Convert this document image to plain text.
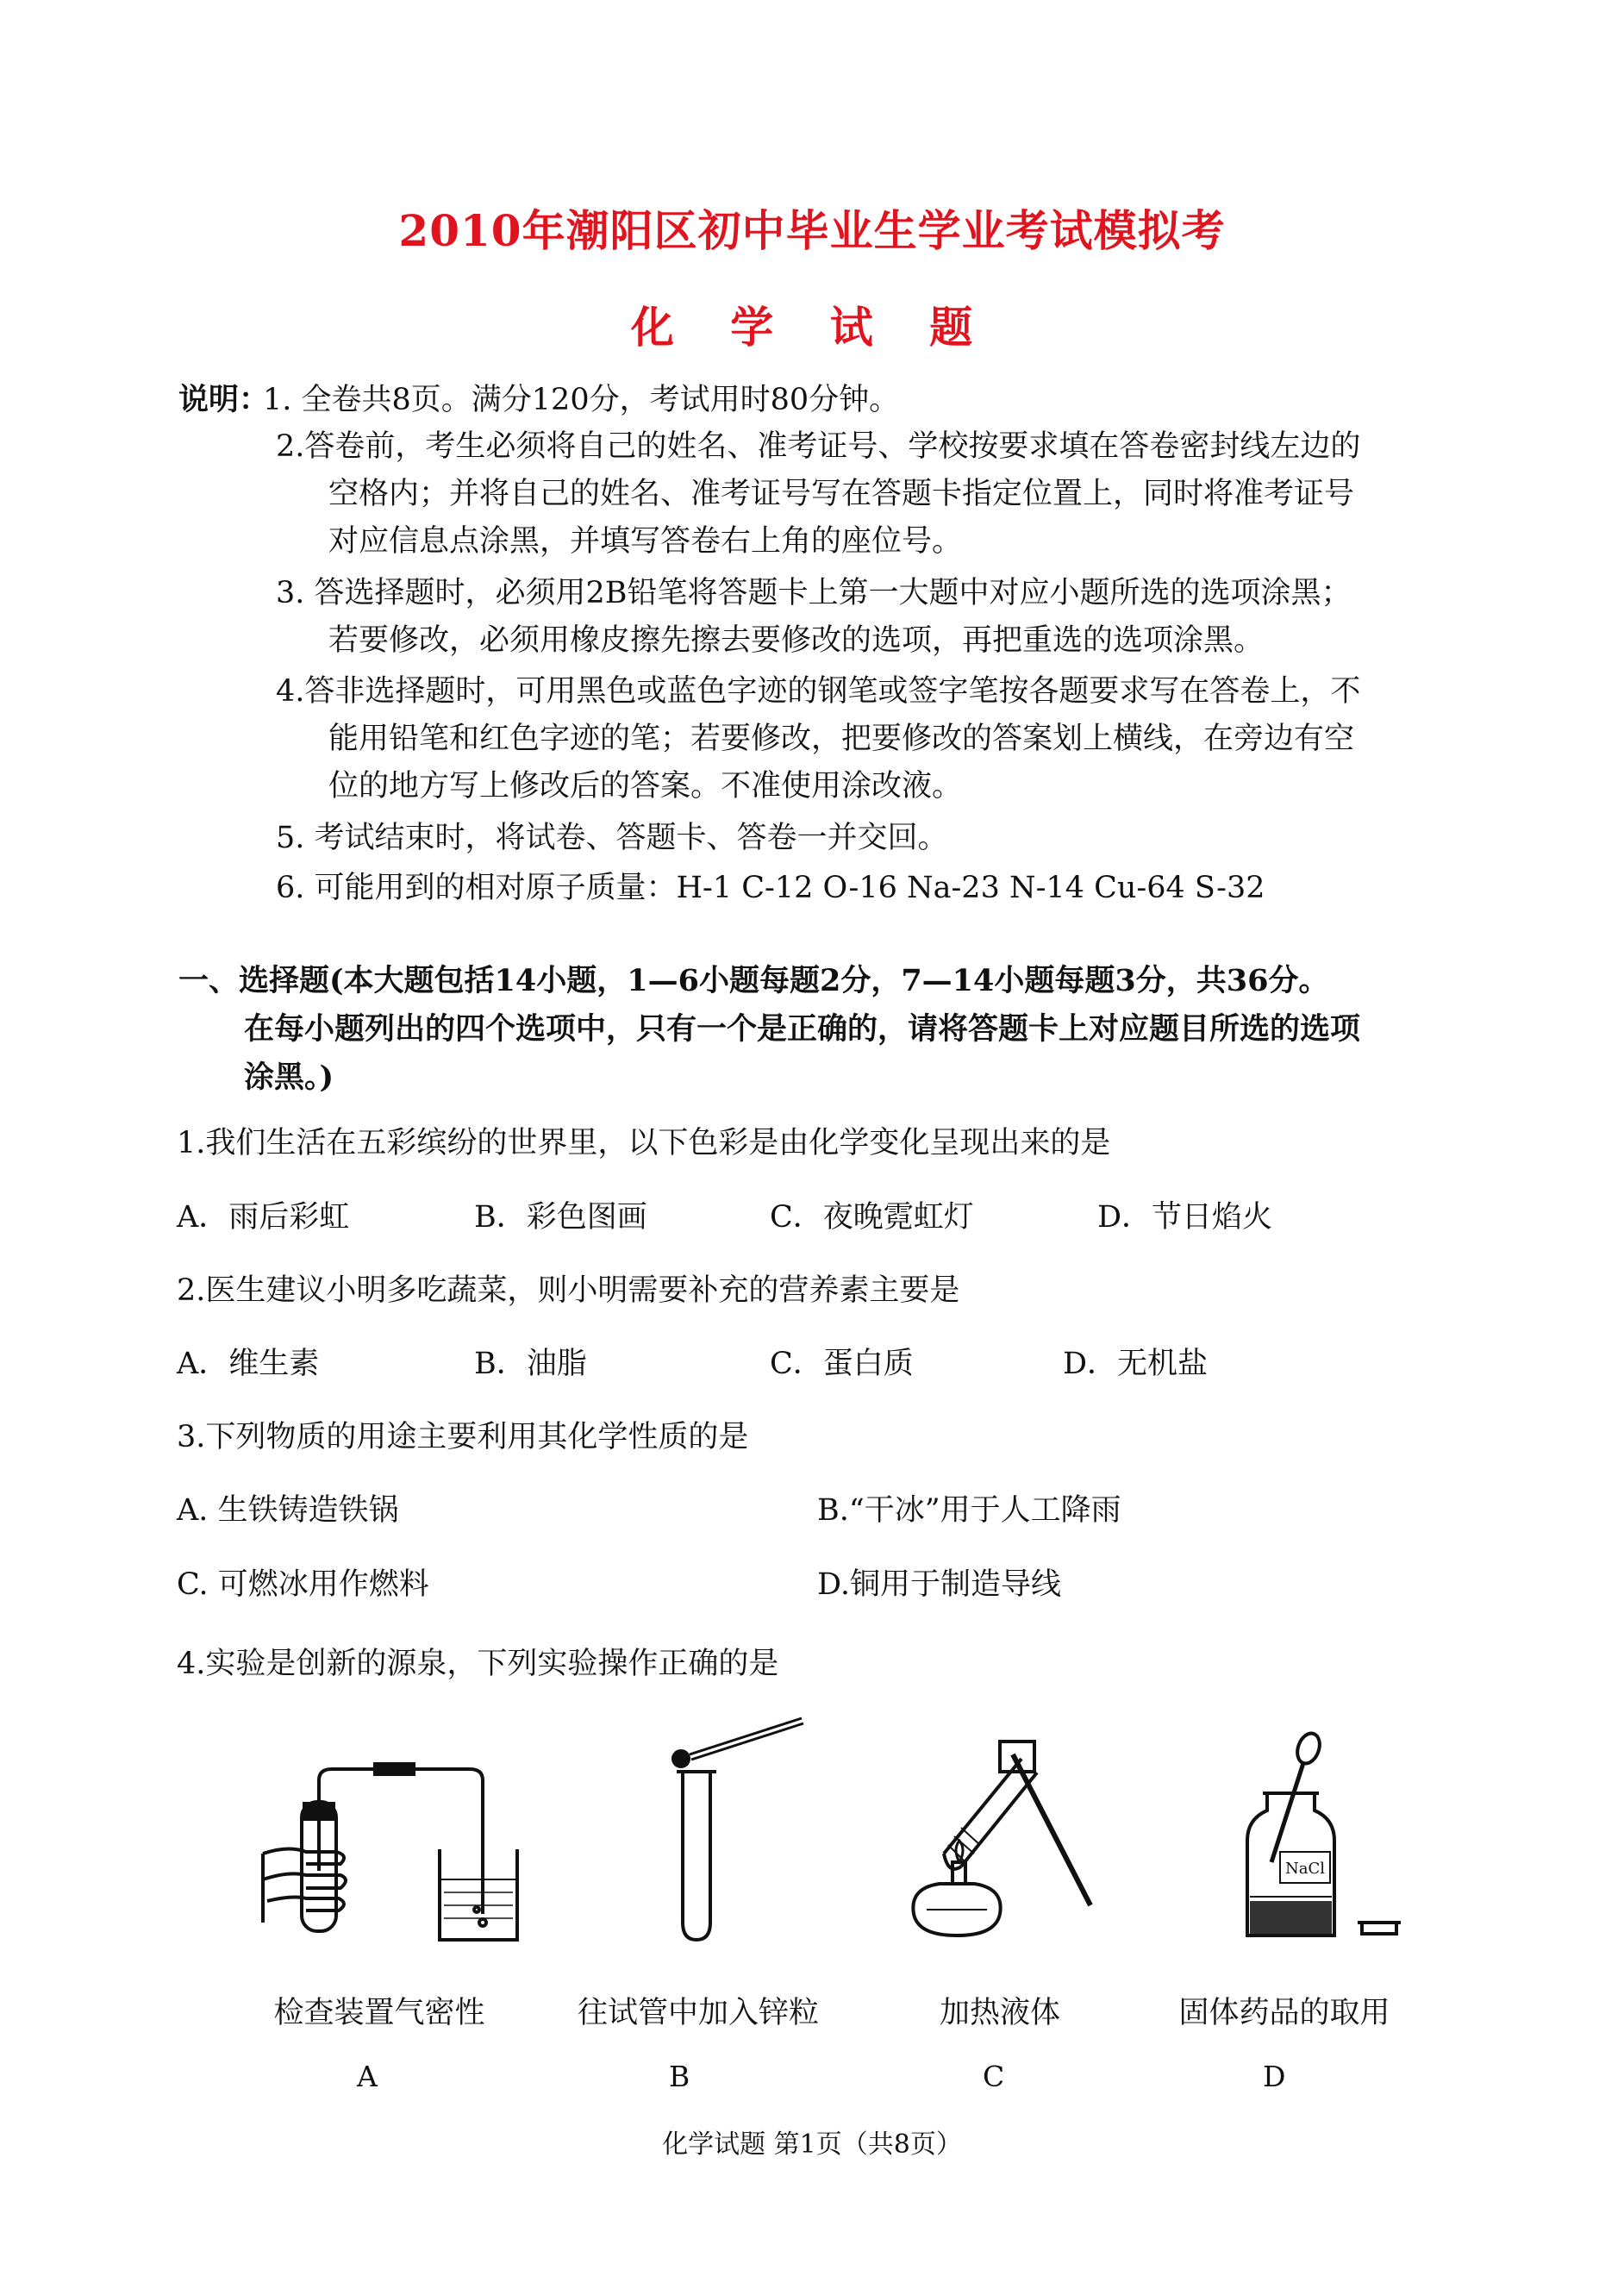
2010年潮阳区初中毕业生学业考试模拟考
化 学 试 题
说明：
1. 全卷共8页。满分120分，考试用时80分钟。
2.答卷前，考生必须将自己的姓名、准考证号、学校按要求填在答卷密封线左边的
空格内；并将自己的姓名、准考证号写在答题卡指定位置上，同时将准考证号
对应信息点涂黑，并填写答卷右上角的座位号。
3. 答选择题时，必须用2B铅笔将答题卡上第一大题中对应小题所选的选项涂黑；
若要修改，必须用橡皮擦先擦去要修改的选项，再把重选的选项涂黑。
4.答非选择题时，可用黑色或蓝色字迹的钢笔或签字笔按各题要求写在答卷上，不
能用铅笔和红色字迹的笔；若要修改，把要修改的答案划上横线，在旁边有空
位的地方写上修改后的答案。不准使用涂改液。
5. 考试结束时，将试卷、答题卡、答卷一并交回。
6. 可能用到的相对原子质量：H-1 C-12 O-16 Na-23 N-14 Cu-64 S-32
一、选择题(本大题包括14小题，1—6小题每题2分，7—14小题每题3分，共36分。
在每小题列出的四个选项中，只有一个是正确的，请将答题卡上对应题目所选的选项
涂黑。)
1.我们生活在五彩缤纷的世界里，以下色彩是由化学变化呈现出来的是
A．雨后彩虹	B．彩色图画	C．夜晚霓虹灯	D．节日焰火
2.医生建议小明多吃蔬菜，则小明需要补充的营养素主要是
A．维生素	B．油脂	C．蛋白质	D．无机盐
3.下列物质的用途主要利用其化学性质的是
A. 生铁铸造铁锅	B.“干冰”用于人工降雨
C. 可燃冰用作燃料	D.铜用于制造导线
4.实验是创新的源泉，下列实验操作正确的是
NaCl
检查装置气密性	往试管中加入锌粒	加热液体	固体药品的取用
A	B	C	D
化学试题 第1页（共8页）
